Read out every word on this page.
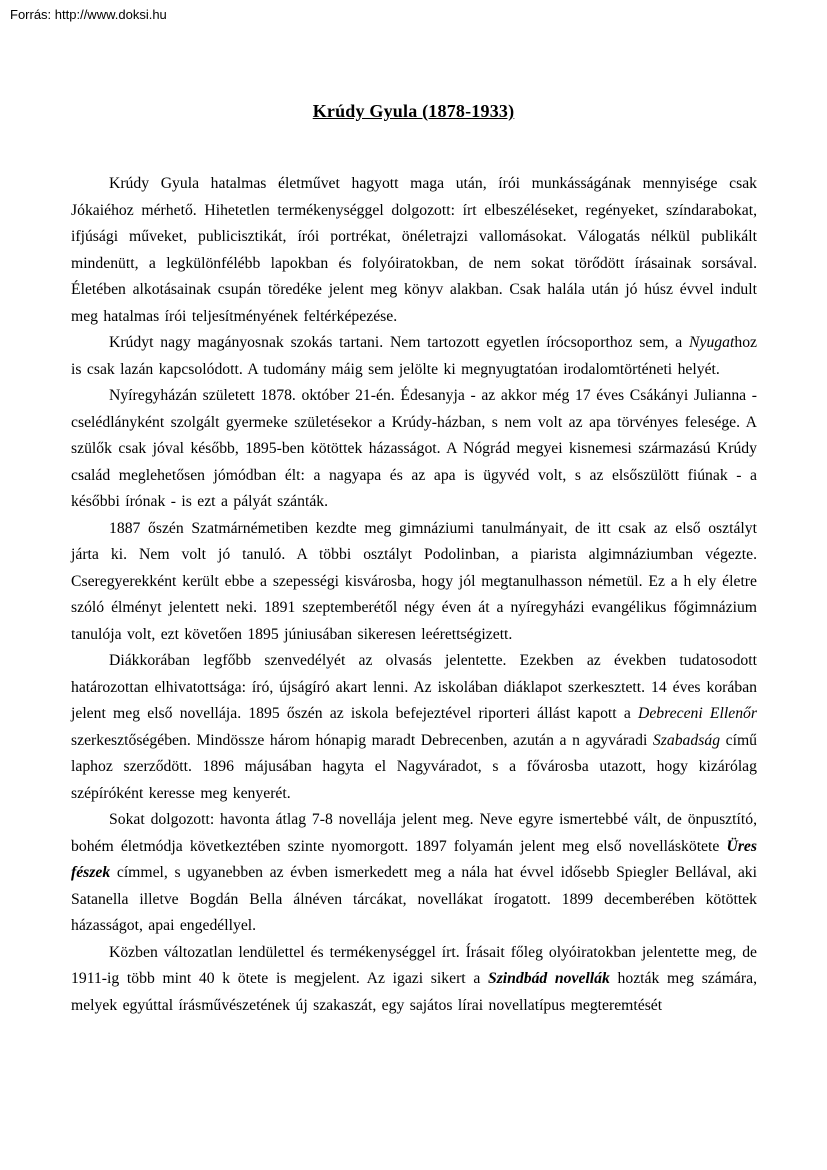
Forrás: http://www.doksi.hu
Krúdy Gyula (1878-1933)

Krúdy Gyula hatalmas életművet hagyott maga után, írói munkásságának mennyisége csak Jókaiéhoz mérhető. Hihetetlen termékenységgel dolgozott: írt elbeszéléseket, regényeket, színdarabokat, ifjúsági műveket, publicisztikát, írói portrékat, önéletrajzi vallomásokat. Válogatás nélkül publikált mindenütt, a legkülönfélébb lapokban és folyóiratokban, de nem sokat törődött írásainak sorsával. Életében alkotásainak csupán töredéke jelent meg könyv alakban. Csak halála után jó húsz évvel indult meg hatalmas írói teljesítményének feltérképezése.

Krúdyt nagy magányosnak szokás tartani. Nem tartozott egyetlen írócsoporthoz sem, a Nyugathoz is csak lazán kapcsolódott. A tudomány máig sem jelölte ki megnyugtatóan irodalomtörténeti helyét.

Nyíregyházán született 1878. október 21-én. Édesanyja - az akkor még 17 éves Csákányi Julianna - cselédlányként szolgált gyermeke születésekor a Krúdy-házban, s nem volt az apa törvényes felesége. A szülők csak jóval később, 1895-ben kötöttek házasságot. A Nógrád megyei kisnemesi származású Krúdy család meglehetősen jómódban élt: a nagyapa és az apa is ügyvéd volt, s az elsőszülött fiúnak - a későbbi írónak - is ezt a pályát szánták.

1887 őszén Szatmárnémetiben kezdte meg gimnáziumi tanulmányait, de itt csak az első osztályt járta ki. Nem volt jó tanuló. A többi osztályt Podolinban, a piarista algimnáziumban végezte. Cseregyerekként került ebbe a szepességi kisvárosba, hogy jól megtanulhasson németül. Ez a h ely életre szóló élményt jelentett neki. 1891 szeptemberétől négy éven át a nyíregyházi evangélikus főgimnázium tanulója volt, ezt követően 1895 júniusában sikeresen leérettségizett.

Diákkorában legfőbb szenvedélyét az olvasás jelentette. Ezekben az években tudatosodott határozottan elhivatottsága: író, újságíró akart lenni. Az iskolában diáklapot szerkesztett. 14 éves korában jelent meg első novellája. 1895 őszén az iskola befejeztével riporteri állást kapott a Debreceni Ellenőr szerkesztőségében. Mindössze három hónapig maradt Debrecenben, azután a n agyváradi Szabadság című laphoz szerződött. 1896 májusában hagyta el Nagyváradot, s a fővárosba utazott, hogy kizárólag szépíróként keresse meg kenyerét.

Sokat dolgozott: havonta átlag 7-8 novellája jelent meg. Neve egyre ismertebbé vált, de önpusztító, bohém életmódja következtében szinte nyomorgott. 1897 folyamán jelent meg első novelláskötete Üres fészek címmel, s ugyanebben az évben ismerkedett meg a nála hat évvel idősebb Spiegler Bellával, aki Satanella illetve Bogdán Bella álnéven tárcákat, novellákat írogatott. 1899 decemberében kötöttek házasságot, apai engedéllyel.

Közben változatlan lendülettel és termékenységgel írt. Írásait főleg olyóiratokban jelentette meg, de 1911-ig több mint 40 k ötete is megjelent. Az igazi sikert a Szindbád novellák hozták meg számára, melyek egyúttal írásművészetének új szakaszát, egy sajátos lírai novellatípus megteremtését
